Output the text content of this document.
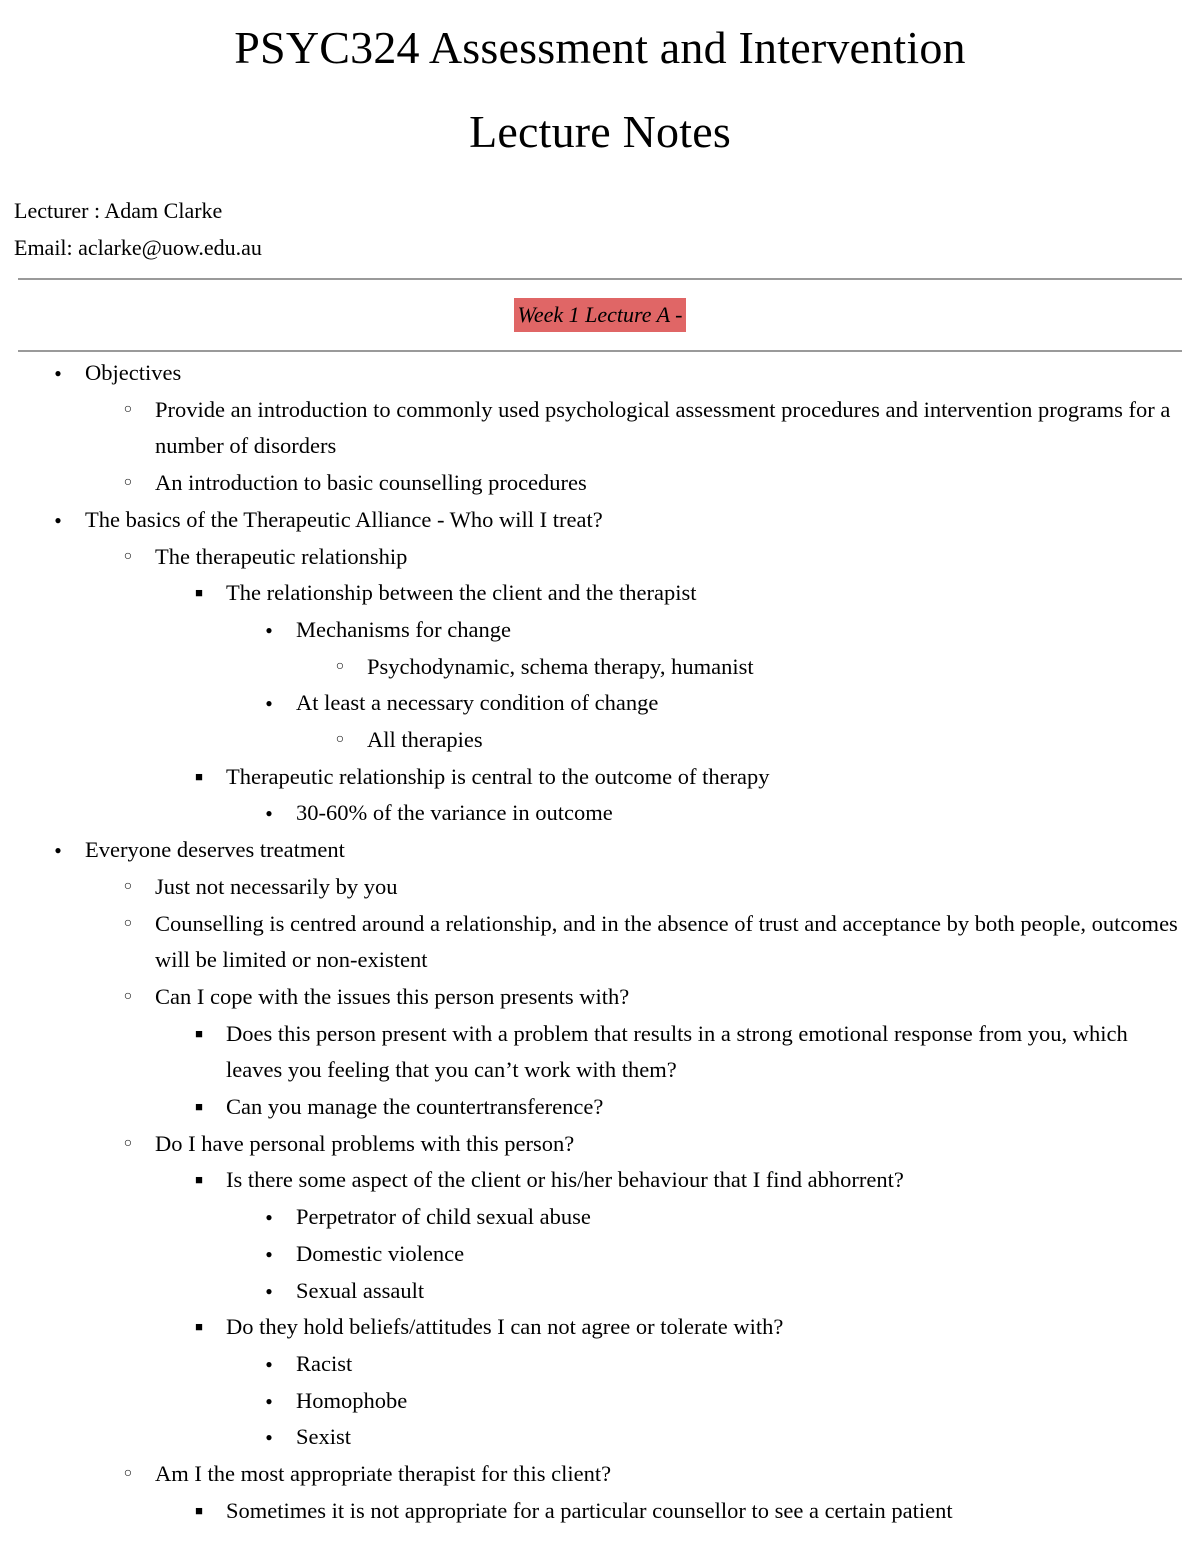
PSYC324 Assessment and Intervention
Lecture Notes
Lecturer : Adam Clarke
Email: aclarke@uow.edu.au
Week 1 Lecture A -
●	Objectives
○	Provide an introduction to commonly used psychological assessment procedures and intervention programs for a number of disorders
○	An introduction to basic counselling procedures
●	The basics of the Therapeutic Alliance - Who will I treat?
○	The therapeutic relationship
■	The relationship between the client and the therapist
●	Mechanisms for change
○	Psychodynamic, schema therapy, humanist
●	At least a necessary condition of change
○	All therapies
■	Therapeutic relationship is central to the outcome of therapy
●	30-60% of the variance in outcome
●	Everyone deserves treatment
○	Just not necessarily by you
○	Counselling is centred around a relationship, and in the absence of trust and acceptance by both people, outcomes will be limited or non-existent
○	Can I cope with the issues this person presents with?
■	Does this person present with a problem that results in a strong emotional response from you, which leaves you feeling that you can’t work with them?
■	Can you manage the countertransference?
○	Do I have personal problems with this person?
■	Is there some aspect of the client or his/her behaviour that I find abhorrent?
●	Perpetrator of child sexual abuse
●	Domestic violence
●	Sexual assault
■	Do they hold beliefs/attitudes I can not agree or tolerate with?
●	Racist
●	Homophobe
●	Sexist
○	Am I the most appropriate therapist for this client?
■	Sometimes it is not appropriate for a particular counsellor to see a certain patient
